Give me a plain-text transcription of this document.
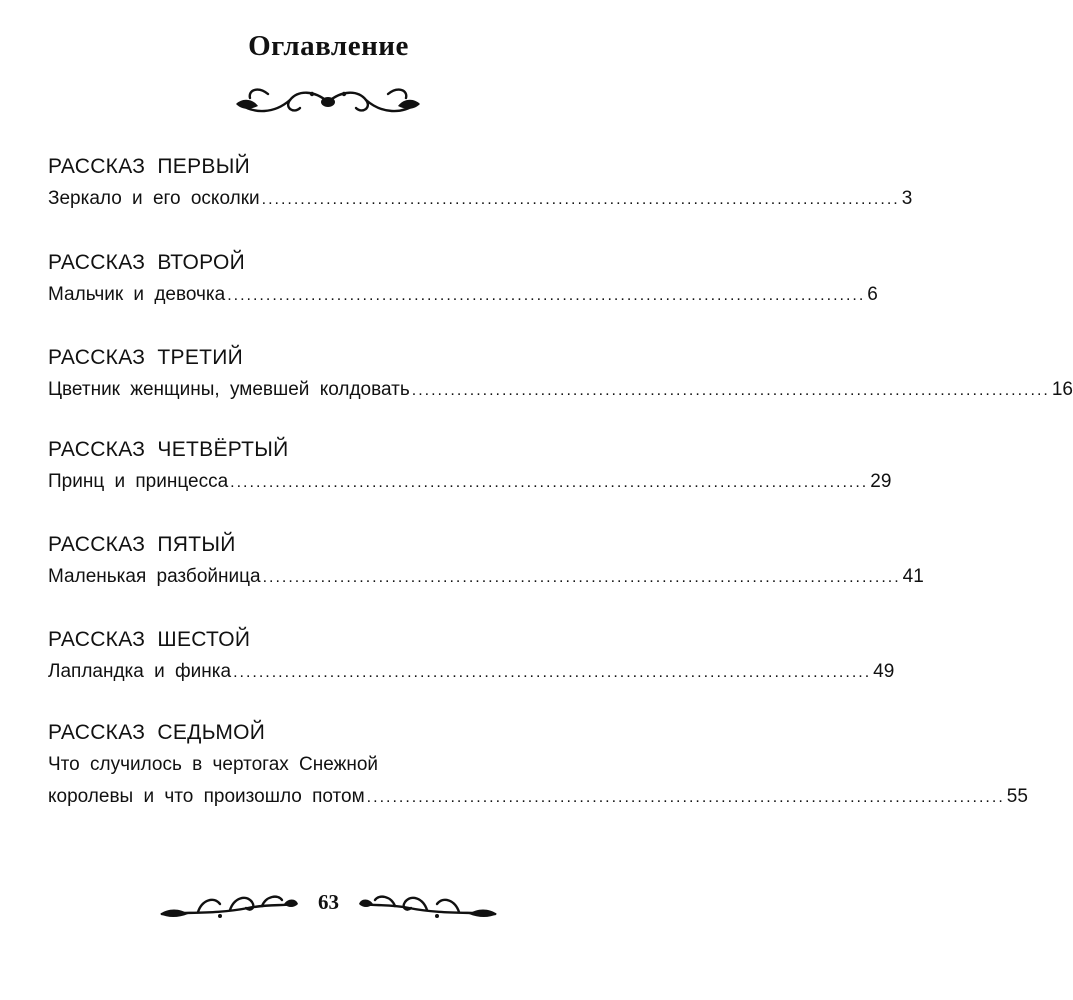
Оглавление
РАССКАЗ ПЕРВЫЙ
Зеркало и его осколки ................................................................................................... 3
РАССКАЗ ВТОРОЙ
Мальчик и девочка ................................................................................................... 6
РАССКАЗ ТРЕТИЙ
Цветник женщины, умевшей колдовать ................................................................................................... 16
РАССКАЗ ЧЕТВЁРТЫЙ
Принц и принцесса ................................................................................................... 29
РАССКАЗ ПЯТЫЙ
Маленькая разбойница ................................................................................................... 41
РАССКАЗ ШЕСТОЙ
Лапландка и финка ................................................................................................... 49
РАССКАЗ СЕДЬМОЙ
Что случилось в чертогах Снежной
королевы и что произошло потом ................................................................................................... 55
63
